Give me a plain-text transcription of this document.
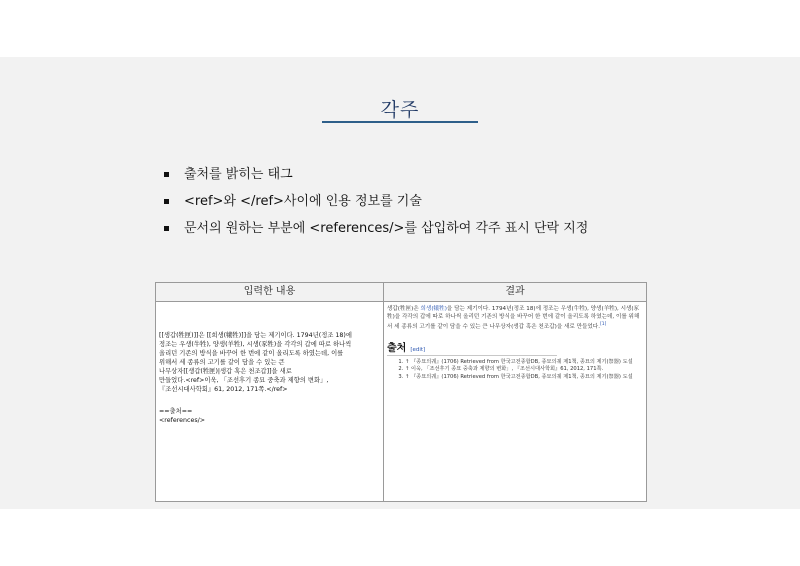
각주
출처를 밝히는 태그
<ref>와 </ref>사이에 인용 정보를 기술
문서의 원하는 부분에 <references/>를 삽입하여 각주 표시 단락 지정
입력한 내용	결과
[[생갑(牲匣)]]은 [[희생(犧牲)]]을 담는 제기이다. 1794년(정조 18)에
정조는 우생(牛牲), 양생(羊牲), 시생(豕牲)을 각각의 갑에 따로 하나씩
올리던 기존의 방식을 바꾸어 한 번에 같이 올리도록 하였는데, 이를
위해서 세 종류의 고기를 같이 담을 수 있는 큰
나무상자[[생갑(牲匣)|생갑 혹은 천조갑]]을 새로
만들었다.<ref>이욱, 「조선후기 종묘 중축과 제향의 변화」,
『조선시대사학회』61, 2012, 171쪽.</ref>
==출처==
<references/>
생갑(牲匣)은 희생(犧牲)을 담는 제기이다. 1794년(정조 18)에 정조는 우생(牛牲), 양생(羊牲), 시생(豕牲)을 각각의 갑에 따로 하나씩 올리던 기존의 방식을 바꾸어 한 번에 같이 올리도록 하였는데, 이를 위해서 세 종류의 고기를 같이 담을 수 있는 큰 나무상자(생갑 혹은 천조갑)을 새로 만들었다.[1]
출처 [edit]
1. ↑ 『종묘의궤』(1706) Retrieved from 한국고전종합DB, 종묘의궤 제1책, 종묘의 제기(祭器) 도설
2. ↑ 이욱, 「조선후기 종묘 중축과 제향의 변화」, 『조선시대사학회』61, 2012, 171쪽.
3. ↑ 『종묘의궤』(1706) Retrieved from 한국고전종합DB, 종묘의궤 제1책, 종묘의 제기(祭器) 도설
